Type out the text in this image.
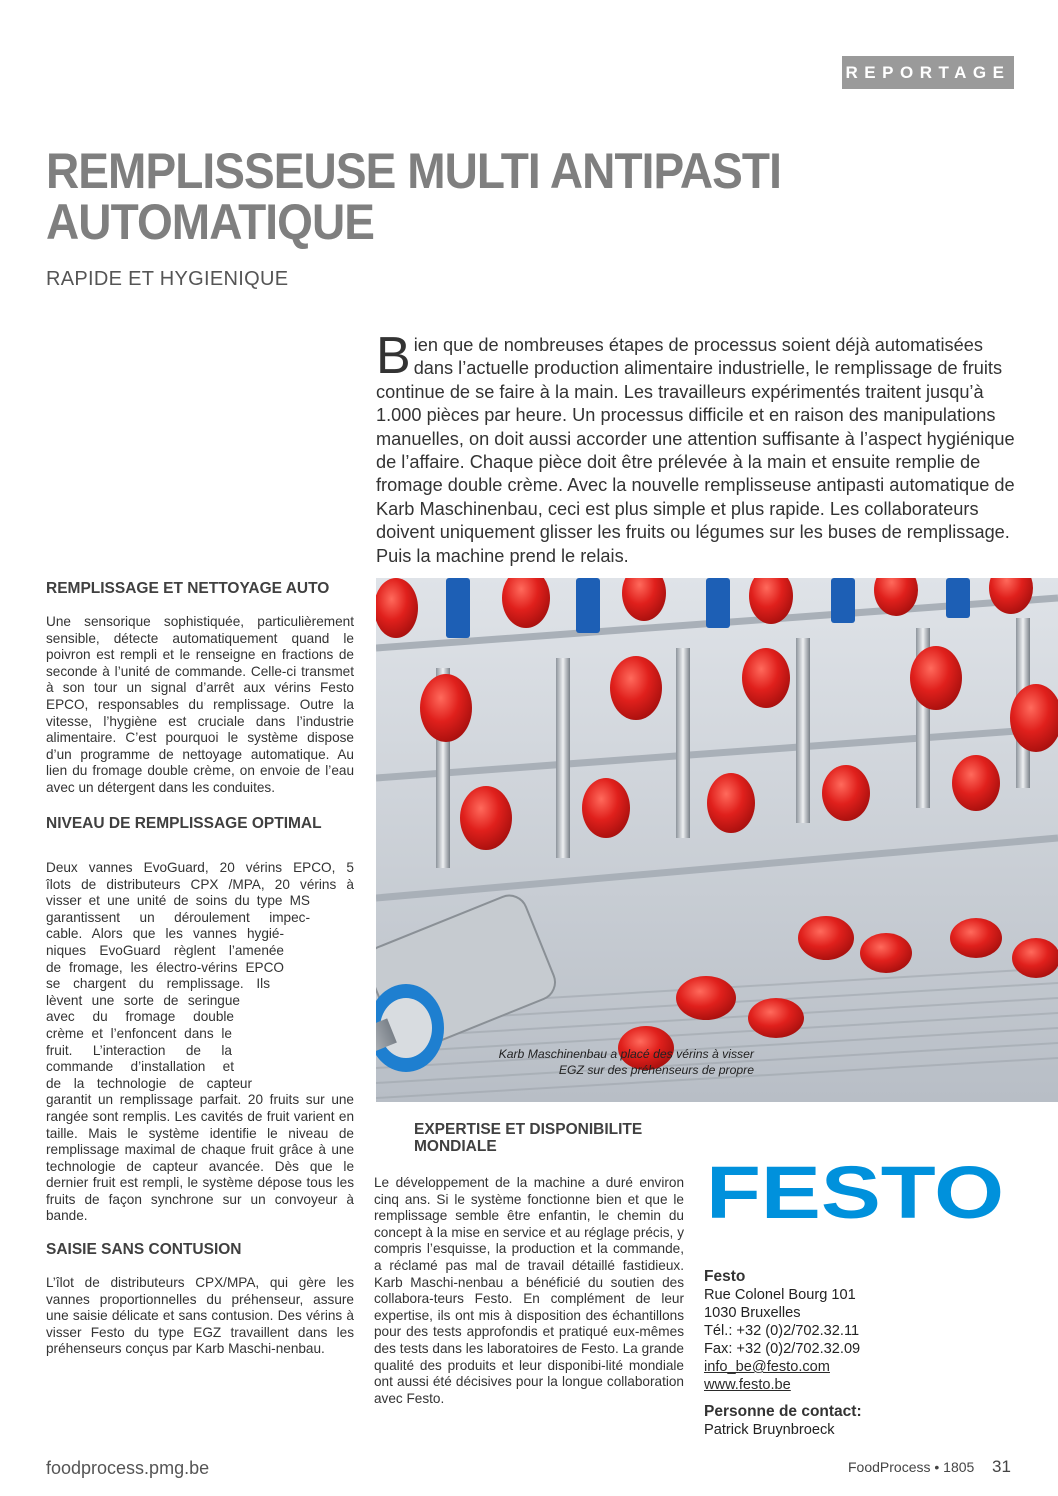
REPORTAGE
REMPLISSEUSE MULTI ANTIPASTI
AUTOMATIQUE
RAPIDE ET HYGIENIQUE
Bien que de nombreuses étapes de processus soient déjà automatisées dans l’actuelle production alimentaire industrielle, le remplissage de fruits continue de se faire à la main. Les travailleurs expérimentés traitent jusqu’à 1.000 pièces par heure. Un processus difficile et en raison des manipulations manuelles, on doit aussi accorder une attention suffisante à l’aspect hygiénique de l’affaire. Chaque pièce doit être prélevée à la main et ensuite remplie de fromage double crème. Avec la nouvelle remplisseuse antipasti automatique de Karb Maschinenbau, ceci est plus simple et plus rapide. Les collaborateurs doivent uniquement glisser les fruits ou légumes sur les buses de remplissage. Puis la machine prend le relais.
REMPLISSAGE ET NETTOYAGE AUTO
Une sensorique sophistiquée, particulièrement sensible, détecte automatiquement quand le poivron est rempli et le renseigne en fractions de seconde à l’unité de commande. Celle-ci transmet à son tour un signal d’arrêt aux vérins Festo EPCO, responsables du remplissage. Outre la vitesse, l’hygiène est cruciale dans l’industrie alimentaire. C’est pourquoi le système dispose d’un programme de nettoyage automatique. Au lien du fromage double crème, on envoie de l’eau avec un détergent dans les conduites.
NIVEAU DE REMPLISSAGE OPTIMAL
Deux vannes EvoGuard, 20 vérins EPCO, 5
îlots de distributeurs CPX /MPA, 20 vérins à
visser et une unité de soins du type MS
garantissent un déroulement impec-
cable. Alors que les vannes hygié-
niques EvoGuard règlent l’amenée
de fromage, les électro-vérins EPCO
se chargent du remplissage. Ils
lèvent une sorte de seringue
avec du fromage double
crème et l’enfoncent dans le
fruit. L’interaction de la
commande d’installation et
de la technologie de capteur
garantit un remplissage parfait. 20 fruits sur une rangée sont remplis. Les cavités de fruit varient en taille. Mais le système identifie le niveau de remplissage maximal de chaque fruit grâce à une technologie de capteur avancée. Dès que le dernier fruit est rempli, le système dépose tous les fruits de façon synchrone sur un convoyeur à bande.
SAISIE SANS CONTUSION
L’îlot de distributeurs CPX/MPA, qui gère les vannes proportionnelles du préhenseur, assure une saisie délicate et sans contusion. Des vérins à visser Festo du type EGZ travaillent dans les préhenseurs conçus par Karb Maschi-nenbau.
Karb Maschinenbau a placé des vérins à visser EGZ sur des préhenseurs de propre
EXPERTISE ET DISPONIBILITE MONDIALE
Le développement de la machine a duré environ cinq ans. Si le système fonctionne bien et que le remplissage semble être enfantin, le chemin du concept à la mise en service et au réglage précis, y compris l’esquisse, la production et la commande, a réclamé pas mal de travail détaillé fastidieux. Karb Maschi-nenbau a bénéficié du soutien des collabora-teurs Festo. En complément de leur expertise, ils ont mis à disposition des échantillons pour des tests approfondis et pratiqué eux-mêmes des tests dans les laboratoires de Festo. La grande qualité des produits et leur disponibi-lité mondiale ont aussi été décisives pour la longue collaboration avec Festo.
FESTO
Festo
Rue Colonel Bourg 101
1030 Bruxelles
Tél.: +32 (0)2/702.32.11
Fax: +32 (0)2/702.32.09
info_be@festo.com
www.festo.be
Personne de contact:
Patrick Bruynbroeck
foodprocess.pmg.be	FoodProcess • 1805 31
